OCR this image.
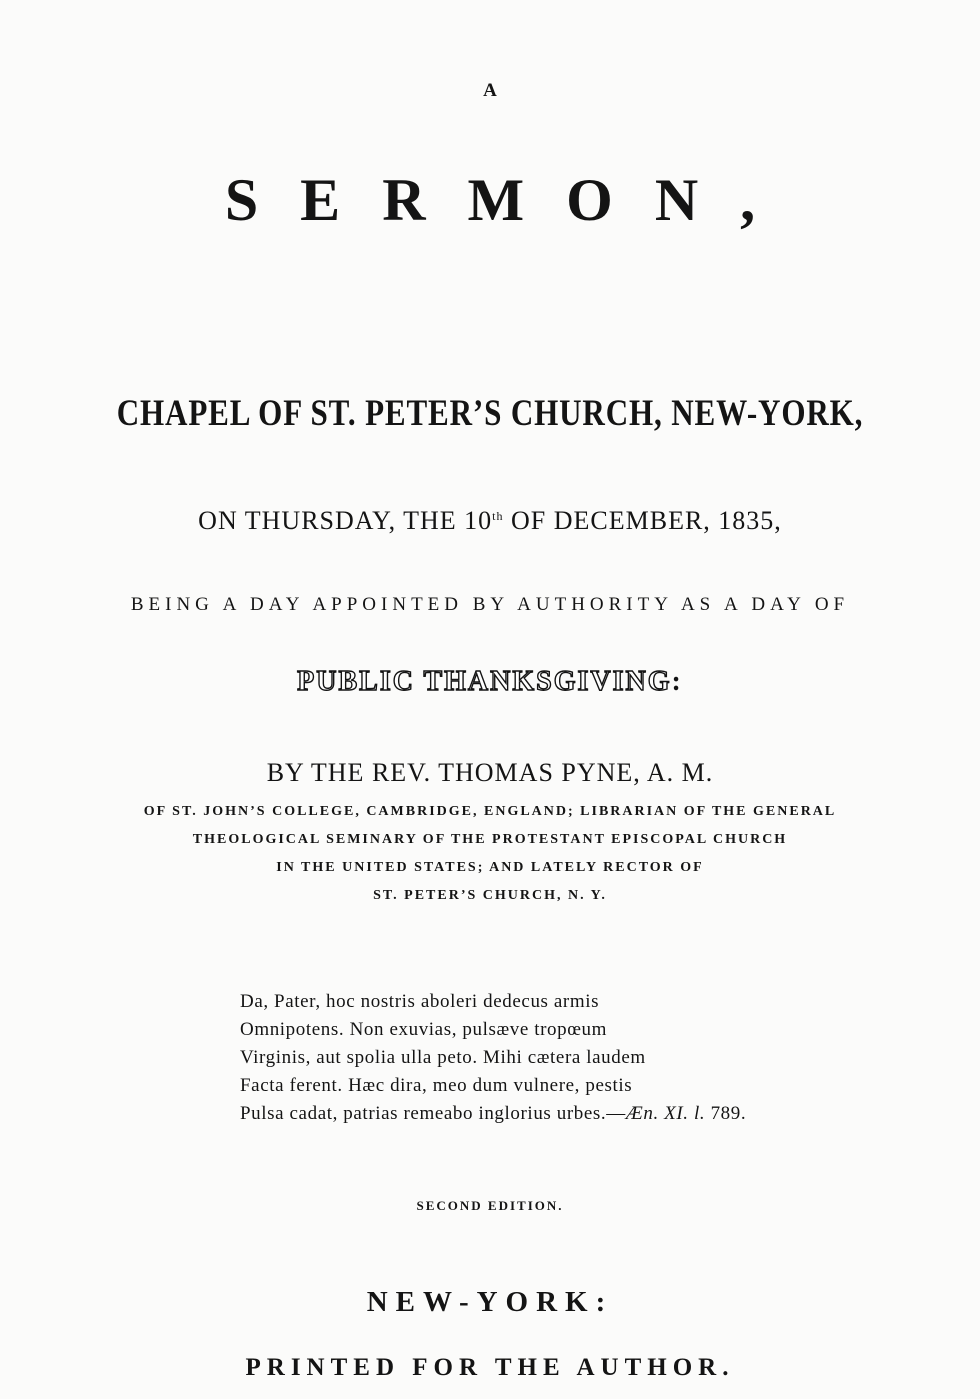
A
SERMON,
CHAPEL OF ST. PETER’S CHURCH, NEW-YORK,
ON THURSDAY, THE 10th OF DECEMBER, 1835,
BEING A DAY APPOINTED BY AUTHORITY AS A DAY OF
PUBLIC THANKSGIVING:
BY THE REV. THOMAS PYNE, A. M.
OF ST. JOHN’S COLLEGE, CAMBRIDGE, ENGLAND; LIBRARIAN OF THE GENERAL
THEOLOGICAL SEMINARY OF THE PROTESTANT EPISCOPAL CHURCH
IN THE UNITED STATES; AND LATELY RECTOR OF
ST. PETER’S CHURCH, N. Y.
Da, Pater, hoc nostris aboleri dedecus armis
Omnipotens. Non exuvias, pulsæve tropœum
Virginis, aut spolia ulla peto. Mihi cætera laudem
Facta ferent. Hæc dira, meo dum vulnere, pestis
Pulsa cadat, patrias remeabo inglorius urbes.—Æn. XI. l. 789.
SECOND EDITION.
NEW-YORK:
PRINTED FOR THE AUTHOR.
